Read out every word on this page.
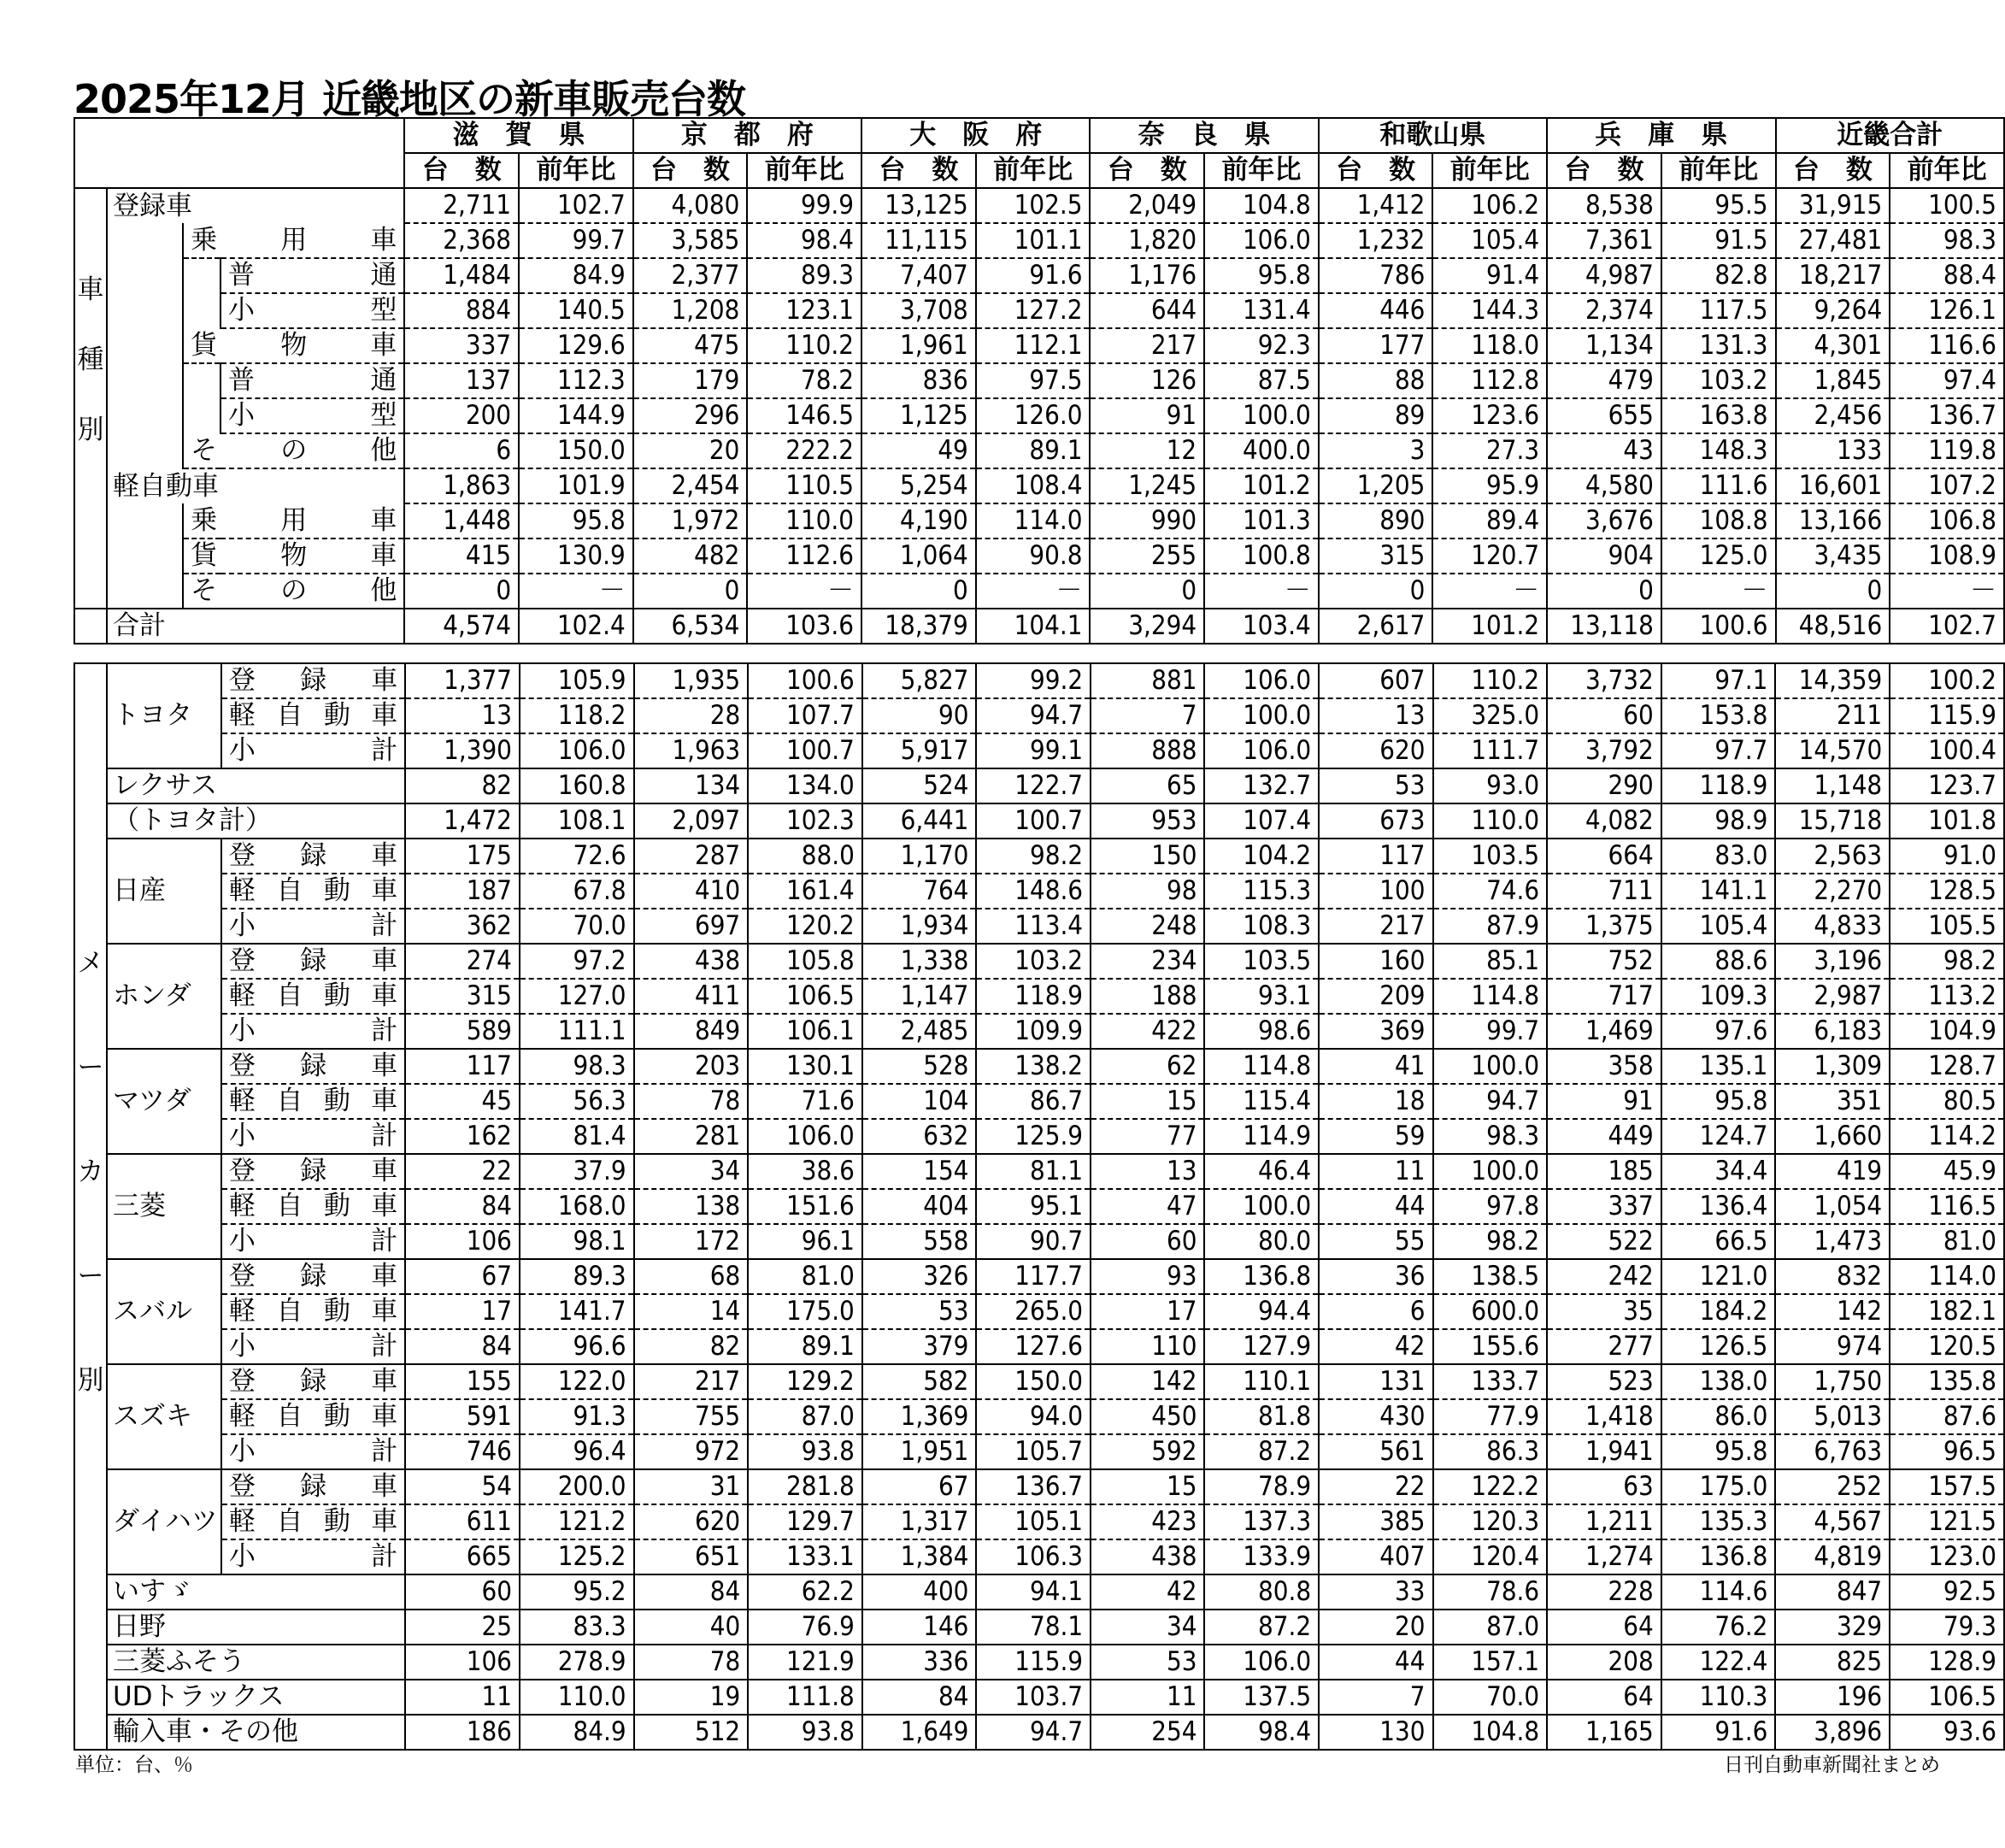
2025年12月 近畿地区の新車販売台数
				滋　賀　県		京　都　府		大　阪　府		奈　良　県		和歌山県		兵　庫　県		近畿合計	
				台　数	前年比	台　数	前年比	台　数	前年比	台　数	前年比	台　数	前年比	台　数	前年比	台　数	前年比

車
種
別	登録車			2,711	102.7	4,080	99.9	13,125	102.5	2,049	104.8	1,412	106.2	8,538	95.5	31,915	100.5
		乗　用　車		2,368	99.7	3,585	98.4	11,115	101.1	1,820	106.0	1,232	105.4	7,361	91.5	27,481	98.3
			普　通	1,484	84.9	2,377	89.3	7,407	91.6	1,176	95.8	786	91.4	4,987	82.8	18,217	88.4
			小　型	884	140.5	1,208	123.1	3,708	127.2	644	131.4	446	144.3	2,374	117.5	9,264	126.1
		貨　物　車		337	129.6	475	110.2	1,961	112.1	217	92.3	177	118.0	1,134	131.3	4,301	116.6
			普　通	137	112.3	179	78.2	836	97.5	126	87.5	88	112.8	479	103.2	1,845	97.4
			小　型	200	144.9	296	146.5	1,125	126.0	91	100.0	89	123.6	655	163.8	2,456	136.7
		そ　の　他		6	150.0	20	222.2	49	89.1	12	400.0	3	27.3	43	148.3	133	119.8
	軽自動車			1,863	101.9	2,454	110.5	5,254	108.4	1,245	101.2	1,205	95.9	4,580	111.6	16,601	107.2
		乗　用　車		1,448	95.8	1,972	110.0	4,190	114.0	990	101.3	890	89.4	3,676	108.8	13,166	106.8
		貨　物　車		415	130.9	482	112.6	1,064	90.8	255	100.8	315	120.7	904	125.0	3,435	108.9
		そ　の　他		0	－	0	－	0	－	0	－	0	－	0	－	0	－
	合計			4,574	102.4	6,534	103.6	18,379	104.1	3,294	103.4	2,617	101.2	13,118	100.6	48,516	102.7
メ
ー
カ
ー
別	トヨタ	登 録 車	1,377	105.9	1,935	100.6	5,827	99.2	881	106.0	607	110.2	3,732	97.1	14,359	100.2
		軽自動車	13	118.2	28	107.7	90	94.7	7	100.0	13	325.0	60	153.8	211	115.9
		小　　計	1,390	106.0	1,963	100.7	5,917	99.1	888	106.0	620	111.7	3,792	97.7	14,570	100.4
	レクサス		82	160.8	134	134.0	524	122.7	65	132.7	53	93.0	290	118.9	1,148	123.7
	（トヨタ計）		1,472	108.1	2,097	102.3	6,441	100.7	953	107.4	673	110.0	4,082	98.9	15,718	101.8
	日産	登 録 車	175	72.6	287	88.0	1,170	98.2	150	104.2	117	103.5	664	83.0	2,563	91.0
		軽自動車	187	67.8	410	161.4	764	148.6	98	115.3	100	74.6	711	141.1	2,270	128.5
		小　　計	362	70.0	697	120.2	1,934	113.4	248	108.3	217	87.9	1,375	105.4	4,833	105.5
	ホンダ	登 録 車	274	97.2	438	105.8	1,338	103.2	234	103.5	160	85.1	752	88.6	3,196	98.2
		軽自動車	315	127.0	411	106.5	1,147	118.9	188	93.1	209	114.8	717	109.3	2,987	113.2
		小　　計	589	111.1	849	106.1	2,485	109.9	422	98.6	369	99.7	1,469	97.6	6,183	104.9
	マツダ	登 録 車	117	98.3	203	130.1	528	138.2	62	114.8	41	100.0	358	135.1	1,309	128.7
		軽自動車	45	56.3	78	71.6	104	86.7	15	115.4	18	94.7	91	95.8	351	80.5
		小　　計	162	81.4	281	106.0	632	125.9	77	114.9	59	98.3	449	124.7	1,660	114.2
	三菱	登 録 車	22	37.9	34	38.6	154	81.1	13	46.4	11	100.0	185	34.4	419	45.9
		軽自動車	84	168.0	138	151.6	404	95.1	47	100.0	44	97.8	337	136.4	1,054	116.5
		小　　計	106	98.1	172	96.1	558	90.7	60	80.0	55	98.2	522	66.5	1,473	81.0
	スバル	登 録 車	67	89.3	68	81.0	326	117.7	93	136.8	36	138.5	242	121.0	832	114.0
		軽自動車	17	141.7	14	175.0	53	265.0	17	94.4	6	600.0	35	184.2	142	182.1
		小　　計	84	96.6	82	89.1	379	127.6	110	127.9	42	155.6	277	126.5	974	120.5
	スズキ	登 録 車	155	122.0	217	129.2	582	150.0	142	110.1	131	133.7	523	138.0	1,750	135.8
		軽自動車	591	91.3	755	87.0	1,369	94.0	450	81.8	430	77.9	1,418	86.0	5,013	87.6
		小　　計	746	96.4	972	93.8	1,951	105.7	592	87.2	561	86.3	1,941	95.8	6,763	96.5
	ダイハツ	登 録 車	54	200.0	31	281.8	67	136.7	15	78.9	22	122.2	63	175.0	252	157.5
		軽自動車	611	121.2	620	129.7	1,317	105.1	423	137.3	385	120.3	1,211	135.3	4,567	121.5
		小　　計	665	125.2	651	133.1	1,384	106.3	438	133.9	407	120.4	1,274	136.8	4,819	123.0
	いすゞ		60	95.2	84	62.2	400	94.1	42	80.8	33	78.6	228	114.6	847	92.5
	日野		25	83.3	40	76.9	146	78.1	34	87.2	20	87.0	64	76.2	329	79.3
	三菱ふそう		106	278.9	78	121.9	336	115.9	53	106.0	44	157.1	208	122.4	825	128.9
	UDトラックス		11	110.0	19	111.8	84	103.7	11	137.5	7	70.0	64	110.3	196	106.5
	輸入車・その他		186	84.9	512	93.8	1,649	94.7	254	98.4	130	104.8	1,165	91.6	3,896	93.6
単位：台、％	日刊自動車新聞社まとめ
